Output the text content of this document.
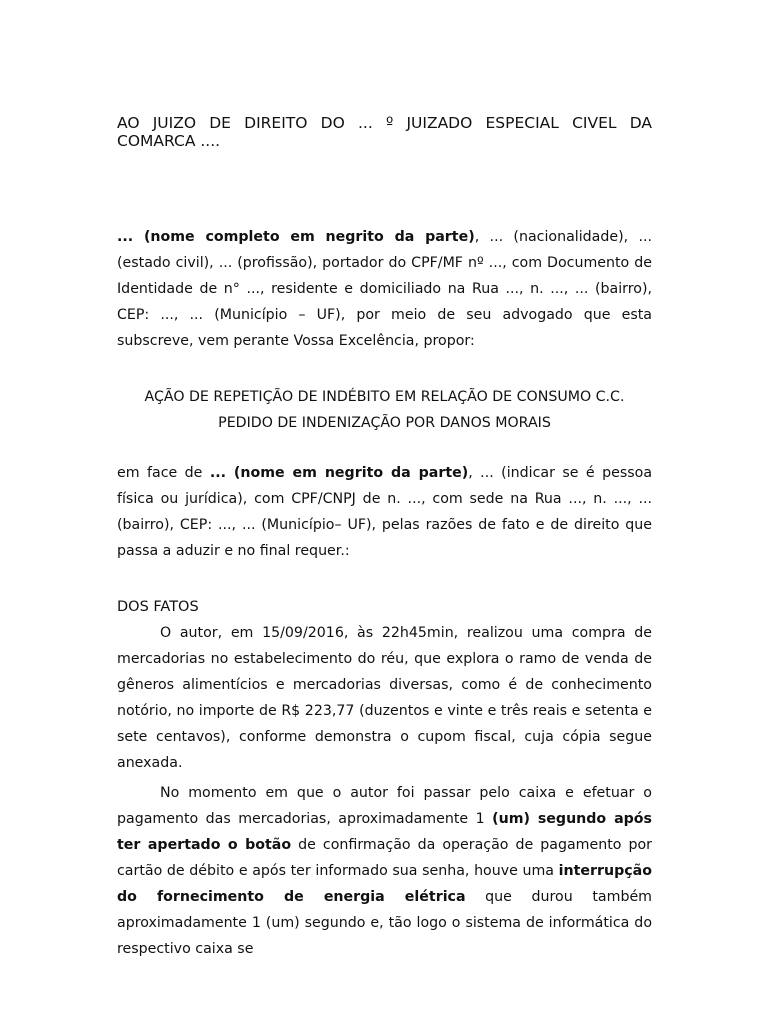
AO JUIZO DE DIREITO DO ... º JUIZADO ESPECIAL CIVEL DA
COMARCA ....

... (nome completo em negrito da parte), ... (nacionalidade), ... (estado civil), ... (profissão), portador do CPF/MF nº ..., com Documento de Identidade de n° ..., residente e domiciliado na Rua ..., n. ..., ... (bairro), CEP: ..., ... (Município – UF), por meio de seu advogado que esta subscreve, vem perante Vossa Excelência, propor:

AÇÃO DE REPETIÇÃO DE INDÉBITO EM RELAÇÃO DE CONSUMO C.C.
PEDIDO DE INDENIZAÇÃO POR DANOS MORAIS

em face de ... (nome em negrito da parte), ... (indicar se é pessoa física ou jurídica), com CPF/CNPJ de n. ..., com sede na Rua ..., n. ..., ... (bairro), CEP: ..., ... (Município– UF), pelas razões de fato e de direito que passa a aduzir e no final requer.:

DOS FATOS

O autor, em 15/09/2016, às 22h45min, realizou uma compra de mercadorias no estabelecimento do réu, que explora o ramo de venda de gêneros alimentícios e mercadorias diversas, como é de conhecimento notório, no importe de R$ 223,77 (duzentos e vinte e três reais e setenta e sete centavos), conforme demonstra o cupom fiscal, cuja cópia segue anexada.

No momento em que o autor foi passar pelo caixa e efetuar o pagamento das mercadorias, aproximadamente 1 (um) segundo após ter apertado o botão de confirmação da operação de pagamento por cartão de débito e após ter informado sua senha, houve uma interrupção do fornecimento de energia elétrica que durou também aproximadamente 1 (um) segundo e, tão logo o sistema de informática do respectivo caixa se
